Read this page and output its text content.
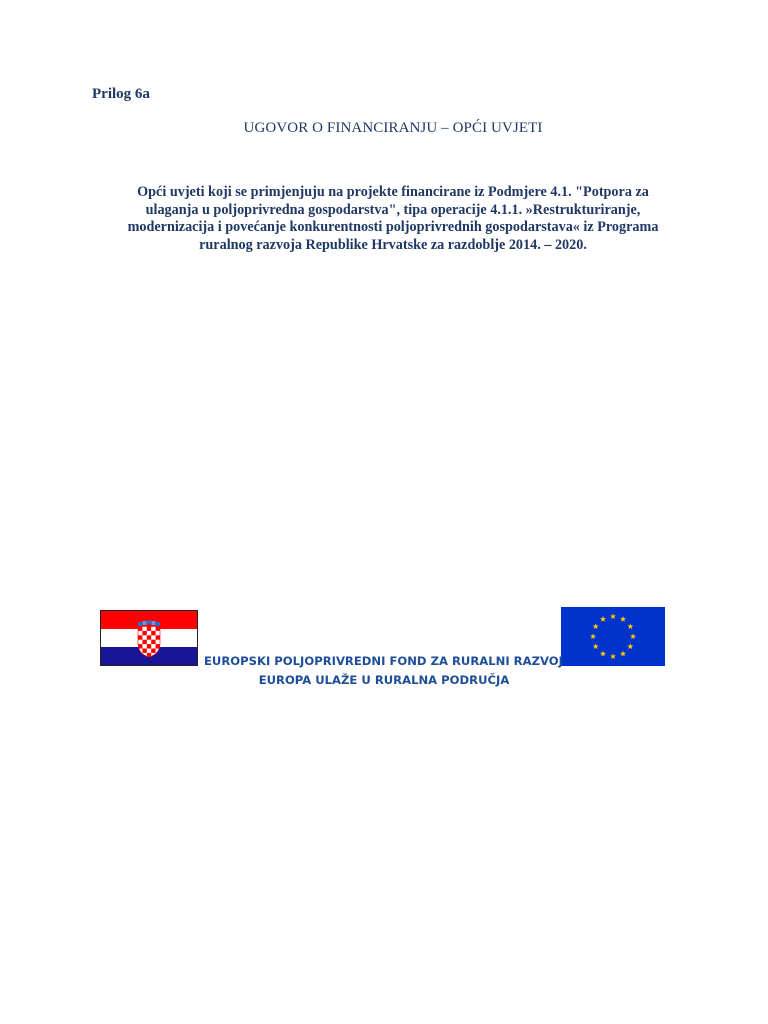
Prilog 6a
UGOVOR O FINANCIRANJU – OPĆI UVJETI
Opći uvjeti koji se primjenjuju na projekte financirane iz Podmjere 4.1. "Potpora za
ulaganja u poljoprivredna gospodarstva", tipa operacije 4.1.1. »Restrukturiranje,
modernizacija i povećanje konkurentnosti poljoprivrednih gospodarstava« iz Programa
ruralnog razvoja Republike Hrvatske za razdoblje 2014. – 2020.
EUROPSKI POLJOPRIVREDNI FOND ZA RURALNI RAZVOJ
EUROPA ULAŽE U RURALNA PODRUČJA
